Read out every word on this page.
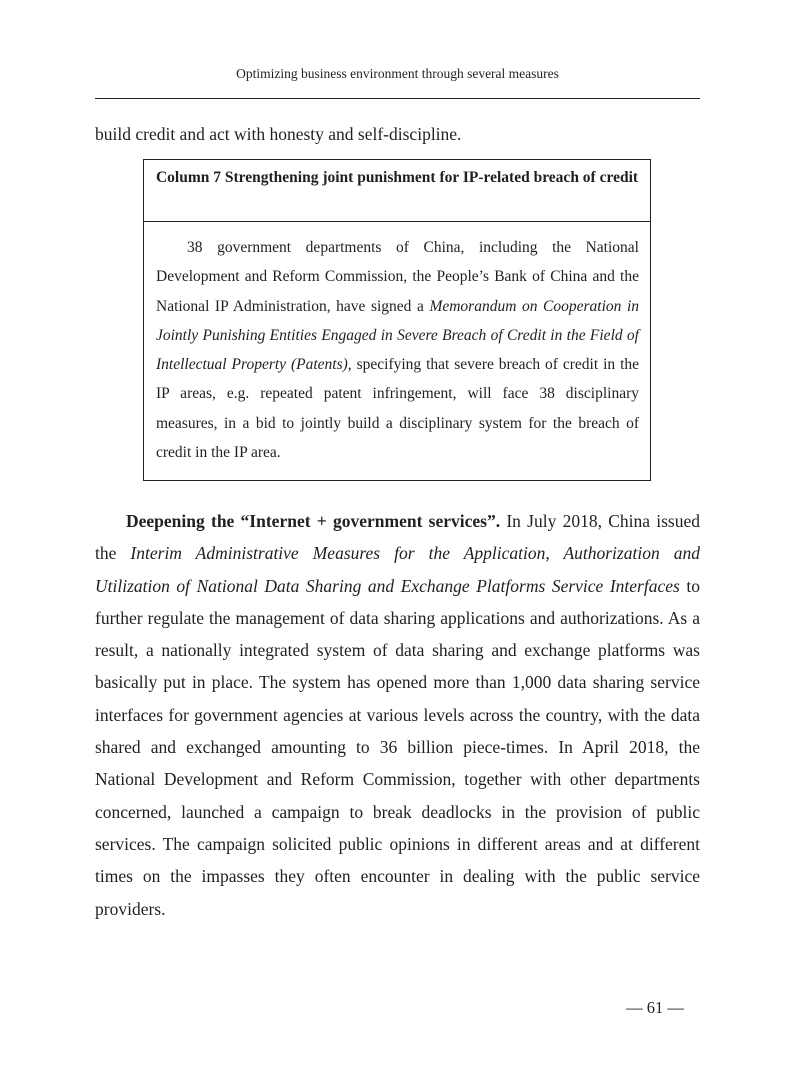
Optimizing business environment through several measures

build credit and act with honesty and self-discipline.

Column 7 Strengthening joint punishment for IP-related breach of credit

38 government departments of China, including the National Development and Reform Commission, the People’s Bank of China and the National IP Administration, have signed a Memorandum on Cooperation in Jointly Punishing Entities Engaged in Severe Breach of Credit in the Field of Intellectual Property (Patents), specifying that severe breach of credit in the IP areas, e.g. repeated patent infringement, will face 38 disciplinary measures, in a bid to jointly build a disciplinary system for the breach of credit in the IP area.

Deepening the “Internet + government services”. In July 2018, China issued the Interim Administrative Measures for the Application, Authorization and Utilization of National Data Sharing and Exchange Platforms Service Interfaces to further regulate the management of data sharing applications and authorizations. As a result, a nationally integrated system of data sharing and exchange platforms was basically put in place. The system has opened more than 1,000 data sharing service interfaces for government agencies at various levels across the country, with the data shared and exchanged amounting to 36 billion piece-times. In April 2018, the National Development and Reform Commission, together with other departments concerned, launched a campaign to break deadlocks in the provision of public services. The campaign solicited public opinions in different areas and at different times on the impasses they often encounter in dealing with the public service providers.

— 61 —
